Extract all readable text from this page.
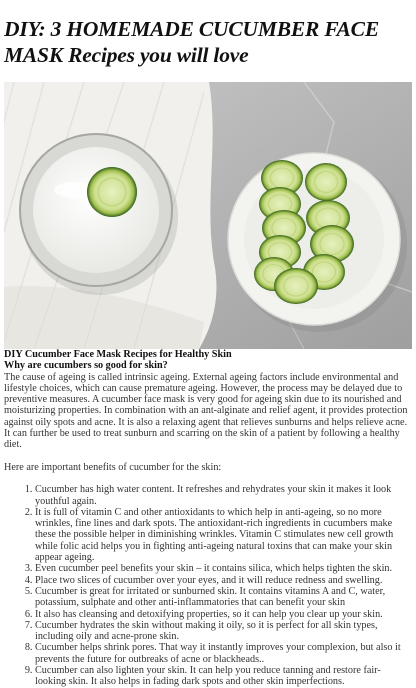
DIY: 3 HOMEMADE CUCUMBER FACE MASK Recipes you will love

DIY Cucumber Face Mask Recipes for Healthy Skin

Why are cucumbers so good for skin?

The cause of ageing is called intrinsic ageing. External ageing factors include environmental and lifestyle choices, which can cause premature ageing. However, the process may be delayed due to preventive measures. A cucumber face mask is very good for ageing skin due to its nourished and moisturizing properties. In combination with an ant-alginate and relief agent, it provides protection against oily spots and acne. It is also a relaxing agent that relieves sunburns and helps relieve acne. It can further be used to treat sunburn and scarring on the skin of a patient by following a healthy diet.

Here are important benefits of cucumber for the skin:

1. Cucumber has high water content. It refreshes and rehydrates your skin it makes it look youthful again.
2. It is full of vitamin C and other antioxidants to which help in anti-ageing, so no more wrinkles, fine lines and dark spots. The antioxidant-rich ingredients in cucumbers make these the possible helper in diminishing wrinkles. Vitamin C stimulates new cell growth while folic acid helps you in fighting anti-ageing natural toxins that can make your skin appear ageing.
3. Even cucumber peel benefits your skin – it contains silica, which helps tighten the skin.
4. Place two slices of cucumber over your eyes, and it will reduce redness and swelling.
5. Cucumber is great for irritated or sunburned skin. It contains vitamins A and C, water, potassium, sulphate and other anti-inflammatories that can benefit your skin
6. It also has cleansing and detoxifying properties, so it can help you clear up your skin.
7. Cucumber hydrates the skin without making it oily, so it is perfect for all skin types, including oily and acne-prone skin.
8. Cucumber helps shrink pores. That way it instantly improves your complexion, but also it prevents the future for outbreaks of acne or blackheads..
9. Cucumber can also lighten your skin. It can help you reduce tanning and restore fair-looking skin. It also helps in fading dark spots and other skin imperfections.
